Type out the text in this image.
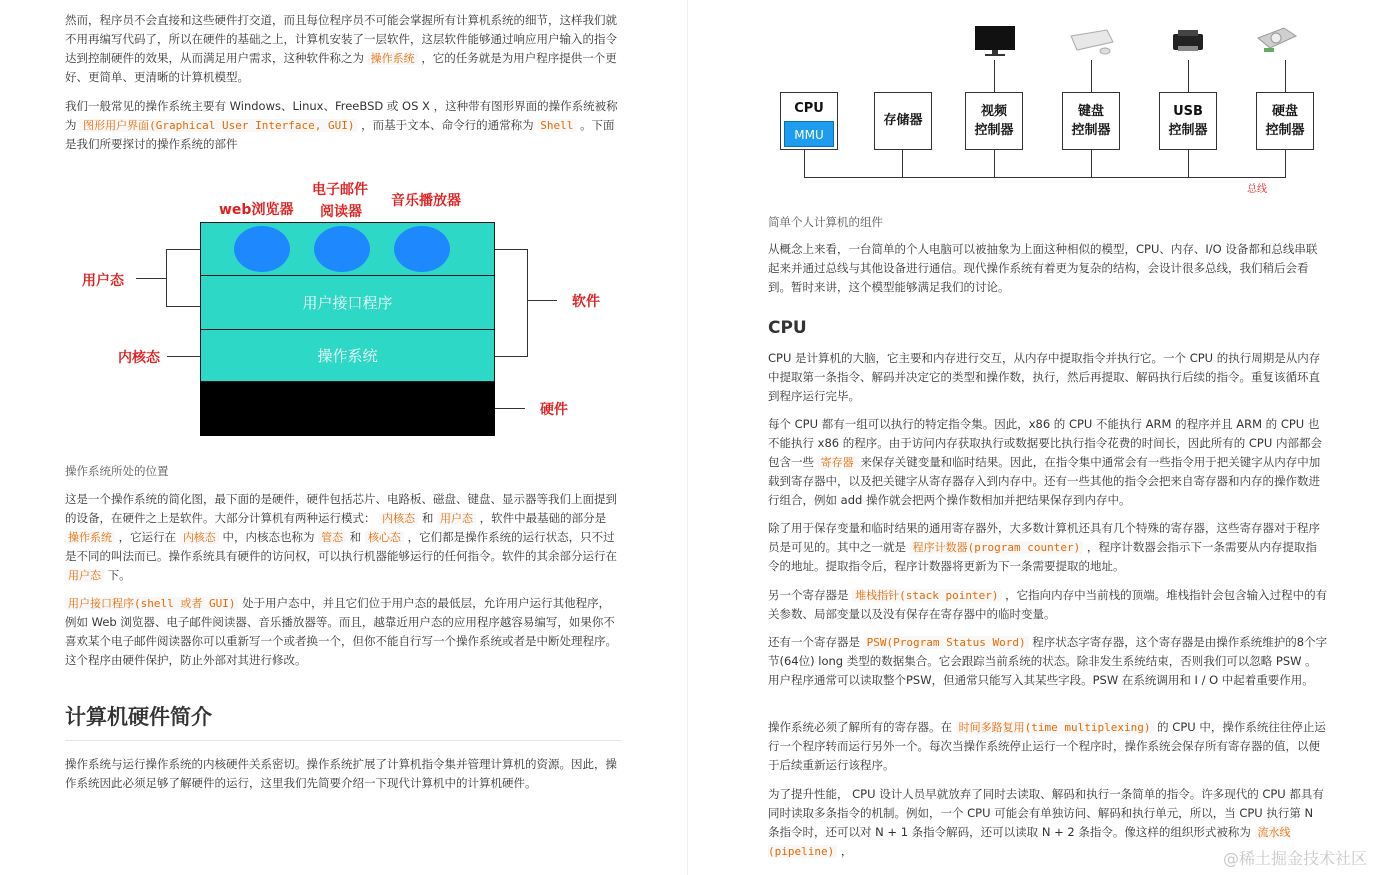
然而，程序员不会直接和这些硬件打交道，而且每位程序员不可能会掌握所有计算机系统的细节，这样我们就不用再编写代码了，所以在硬件的基础之上，计算机安装了一层软件，这层软件能够通过响应用户输入的指令达到控制硬件的效果，从而满足用户需求，这种软件称之为 操作系统 ，它的任务就是为用户程序提供一个更好、更简单、更清晰的计算机模型。
我们一般常见的操作系统主要有 Windows、Linux、FreeBSD 或 OS X ，这种带有图形界面的操作系统被称为 图形用户界面(Graphical User Interface, GUI) ，而基于文本、命令行的通常称为 Shell 。下面是我们所要探讨的操作系统的部件
web浏览器
电子邮件
阅读器
音乐播放器
用户接口程序
操作系统
用户态
内核态
软件
硬件
操作系统所处的位置
这是一个操作系统的简化图，最下面的是硬件，硬件包括芯片、电路板、磁盘、键盘、显示器等我们上面提到的设备，在硬件之上是软件。大部分计算机有两种运行模式： 内核态 和 用户态 ，软件中最基础的部分是 操作系统 ，它运行在 内核态 中，内核态也称为 管态 和 核心态 ，它们都是操作系统的运行状态，只不过是不同的叫法而已。操作系统具有硬件的访问权，可以执行机器能够运行的任何指令。软件的其余部分运行在 用户态 下。
用户接口程序(shell 或者 GUI) 处于用户态中，并且它们位于用户态的最低层，允许用户运行其他程序，例如 Web 浏览器、电子邮件阅读器、音乐播放器等。而且，越靠近用户态的应用程序越容易编写，如果你不喜欢某个电子邮件阅读器你可以重新写一个或者换一个，但你不能自行写一个操作系统或者是中断处理程序。这个程序由硬件保护，防止外部对其进行修改。
计算机硬件简介
操作系统与运行操作系统的内核硬件关系密切。操作系统扩展了计算机指令集并管理计算机的资源。因此，操作系统因此必须足够了解硬件的运行，这里我们先简要介绍一下现代计算机中的计算机硬件。
CPU
MMU
存储器
视频
控制器
键盘
控制器
USB
控制器
硬盘
控制器
总线
简单个人计算机的组件
从概念上来看，一台简单的个人电脑可以被抽象为上面这种相似的模型，CPU、内存、I/O 设备都和总线串联起来并通过总线与其他设备进行通信。现代操作系统有着更为复杂的结构，会设计很多总线，我们稍后会看到。暂时来讲，这个模型能够满足我们的讨论。
CPU
CPU 是计算机的大脑，它主要和内存进行交互，从内存中提取指令并执行它。一个 CPU 的执行周期是从内存中提取第一条指令、解码并决定它的类型和操作数，执行，然后再提取、解码执行后续的指令。重复该循环直到程序运行完毕。
每个 CPU 都有一组可以执行的特定指令集。因此，x86 的 CPU 不能执行 ARM 的程序并且 ARM 的 CPU 也不能执行 x86 的程序。由于访问内存获取执行或数据要比执行指令花费的时间长，因此所有的 CPU 内部都会包含一些 寄存器 来保存关键变量和临时结果。因此，在指令集中通常会有一些指令用于把关键字从内存中加载到寄存器中，以及把关键字从寄存器存入到内存中。还有一些其他的指令会把来自寄存器和内存的操作数进行组合，例如 add 操作就会把两个操作数相加并把结果保存到内存中。
除了用于保存变量和临时结果的通用寄存器外，大多数计算机还具有几个特殊的寄存器，这些寄存器对于程序员是可见的。其中之一就是 程序计数器(program counter) ，程序计数器会指示下一条需要从内存提取指令的地址。提取指令后，程序计数器将更新为下一条需要提取的地址。
另一个寄存器是 堆栈指针(stack pointer) ，它指向内存中当前栈的顶端。堆栈指针会包含输入过程中的有关参数、局部变量以及没有保存在寄存器中的临时变量。
还有一个寄存器是 PSW(Program Status Word) 程序状态字寄存器，这个寄存器是由操作系统维护的8个字节(64位) long 类型的数据集合。它会跟踪当前系统的状态。除非发生系统结束，否则我们可以忽略 PSW 。用户程序通常可以读取整个PSW，但通常只能写入其某些字段。PSW 在系统调用和 I / O 中起着重要作用。
操作系统必须了解所有的寄存器。在 时间多路复用(time multiplexing) 的 CPU 中，操作系统往往停止运行一个程序转而运行另外一个。每次当操作系统停止运行一个程序时，操作系统会保存所有寄存器的值，以便于后续重新运行该程序。
为了提升性能， CPU 设计人员早就放弃了同时去读取、解码和执行一条简单的指令。许多现代的 CPU 都具有同时读取多条指令的机制。例如，一个 CPU 可能会有单独访问、解码和执行单元，所以，当 CPU 执行第 N 条指令时，还可以对 N + 1 条指令解码，还可以读取 N + 2 条指令。像这样的组织形式被称为 流水线(pipeline) ，	@稀土掘金技术社区
